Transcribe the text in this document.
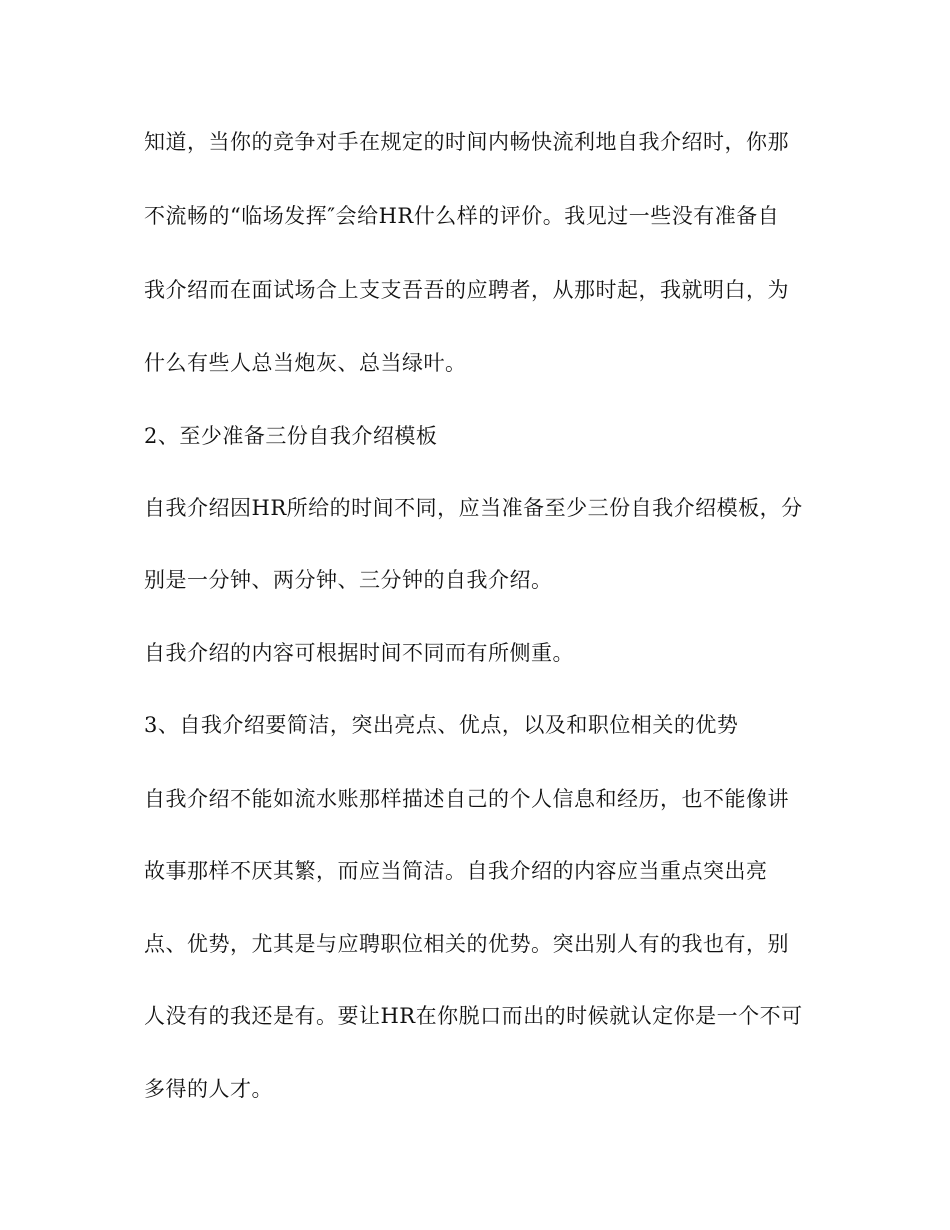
知道，当你的竞争对手在规定的时间内畅快流利地自我介绍时，你那
不流畅的“临场发挥″会给HR什么样的评价。我见过一些没有准备自
我介绍而在面试场合上支支吾吾的应聘者，从那时起，我就明白，为
什么有些人总当炮灰、总当绿叶。
2、至少准备三份自我介绍模板
自我介绍因HR所给的时间不同，应当准备至少三份自我介绍模板，分
别是一分钟、两分钟、三分钟的自我介绍。
自我介绍的内容可根据时间不同而有所侧重。
3、自我介绍要简洁，突出亮点、优点，以及和职位相关的优势
自我介绍不能如流水账那样描述自己的个人信息和经历，也不能像讲
故事那样不厌其繁，而应当简洁。自我介绍的内容应当重点突出亮
点、优势，尤其是与应聘职位相关的优势。突出别人有的我也有，别
人没有的我还是有。要让HR在你脱口而出的时候就认定你是一个不可
多得的人才。
